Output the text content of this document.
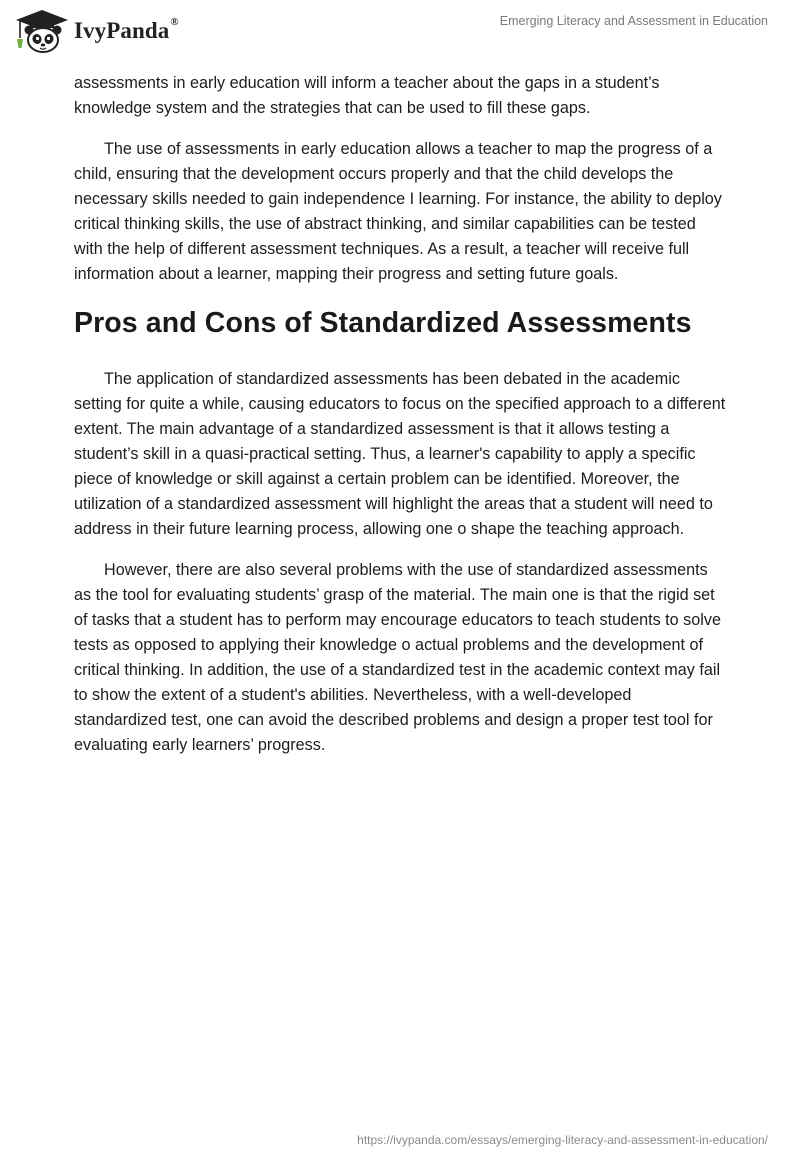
IvyPanda®	Emerging Literacy and Assessment in Education

assessments in early education will inform a teacher about the gaps in a student’s knowledge system and the strategies that can be used to fill these gaps.

The use of assessments in early education allows a teacher to map the progress of a child, ensuring that the development occurs properly and that the child develops the necessary skills needed to gain independence I learning. For instance, the ability to deploy critical thinking skills, the use of abstract thinking, and similar capabilities can be tested with the help of different assessment techniques. As a result, a teacher will receive full information about a learner, mapping their progress and setting future goals.

Pros and Cons of Standardized Assessments

The application of standardized assessments has been debated in the academic setting for quite a while, causing educators to focus on the specified approach to a different extent. The main advantage of a standardized assessment is that it allows testing a student’s skill in a quasi-practical setting. Thus, a learner's capability to apply a specific piece of knowledge or skill against a certain problem can be identified. Moreover, the utilization of a standardized assessment will highlight the areas that a student will need to address in their future learning process, allowing one o shape the teaching approach.

However, there are also several problems with the use of standardized assessments as the tool for evaluating students’ grasp of the material. The main one is that the rigid set of tasks that a student has to perform may encourage educators to teach students to solve tests as opposed to applying their knowledge o actual problems and the development of critical thinking. In addition, the use of a standardized test in the academic context may fail to show the extent of a student's abilities. Nevertheless, with a well-developed standardized test, one can avoid the described problems and design a proper test tool for evaluating early learners’ progress.

https://ivypanda.com/essays/emerging-literacy-and-assessment-in-education/
